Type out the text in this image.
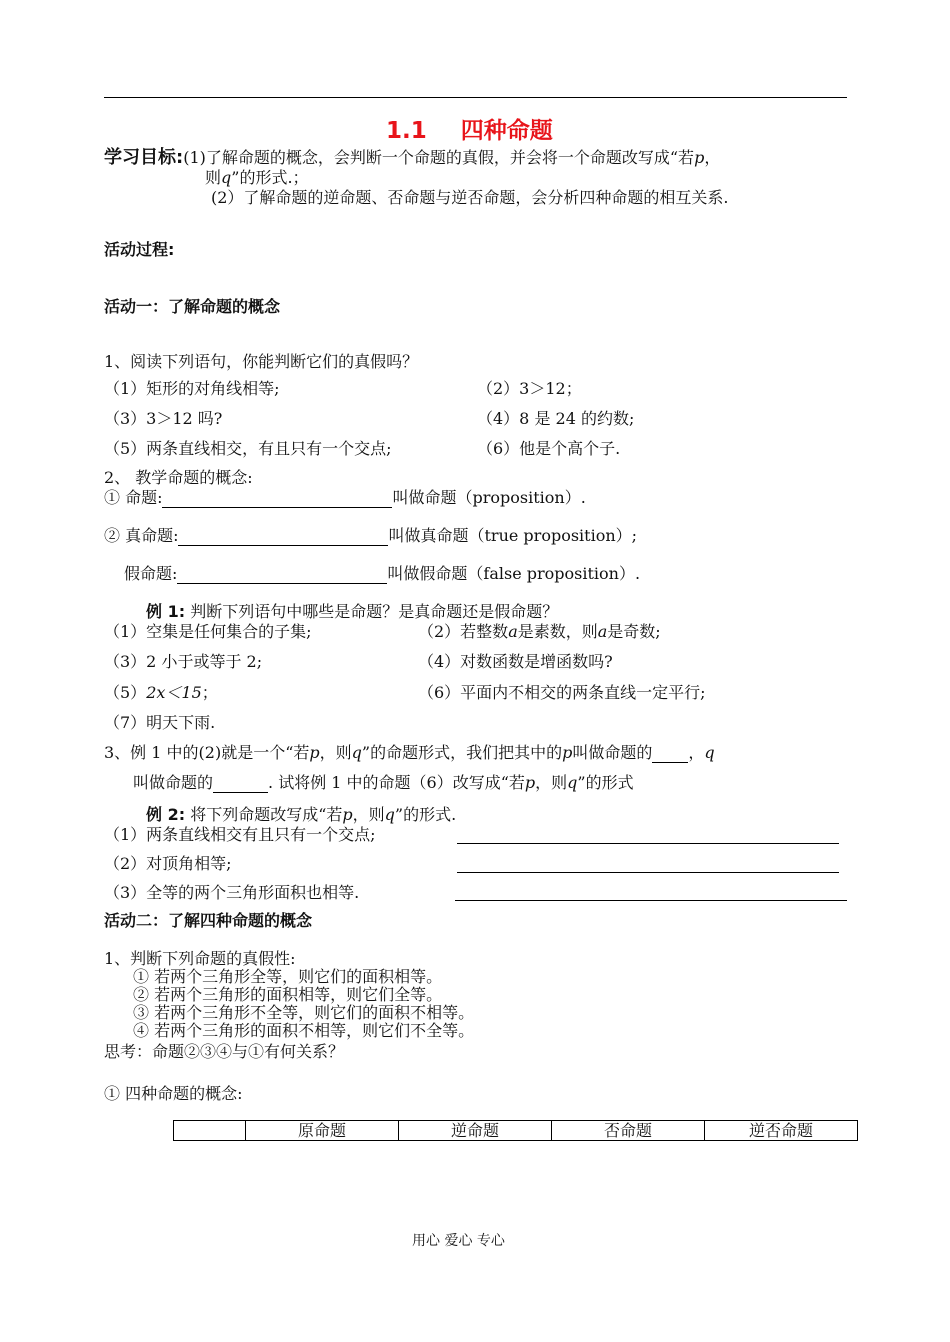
1.1 四种命题
学习目标:(1)了解命题的概念，会判断一个命题的真假，并会将一个命题改写成“若p，
则q”的形式.；
(2）了解命题的逆命题、否命题与逆否命题，会分析四种命题的相互关系.
活动过程:
活动一：了解命题的概念
1、阅读下列语句，你能判断它们的真假吗？
（1）矩形的对角线相等;	（2）3＞12；
（3）3＞12 吗?	（4）8 是 24 的约数;
（5）两条直线相交，有且只有一个交点;	（6）他是个高个子.
2、 教学命题的概念:
① 命题:	叫做命题（proposition）.
② 真命题:	叫做真命题（true proposition）;
假命题:	叫做假命题（false proposition）.
例 1: 判断下列语句中哪些是命题？是真命题还是假命题？
（1）空集是任何集合的子集;	（2）若整数a是素数，则a是奇数;
（3）2 小于或等于 2;	（4）对数函数是增函数吗?
（5）2x＜15；	（6）平面内不相交的两条直线一定平行;
（7）明天下雨.
3、例 1 中的(2)就是一个“若p，则q”的命题形式，我们把其中的p叫做命题的 ，q
叫做命题的	. 试将例 1 中的命题（6）改写成“若p，则q”的形式
例 2: 将下列命题改写成“若p，则q”的形式.
（1）两条直线相交有且只有一个交点;
（2）对顶角相等;
（3）全等的两个三角形面积也相等.
活动二：了解四种命题的概念
1、判断下列命题的真假性:
① 若两个三角形全等，则它们的面积相等。
② 若两个三角形的面积相等，则它们全等。
③ 若两个三角形不全等，则它们的面积不相等。
④ 若两个三角形的面积不相等，则它们不全等。
思考：命题②③④与①有何关系？
① 四种命题的概念:
	原命题	逆命题	否命题	逆否命题
用心 爱心 专心
